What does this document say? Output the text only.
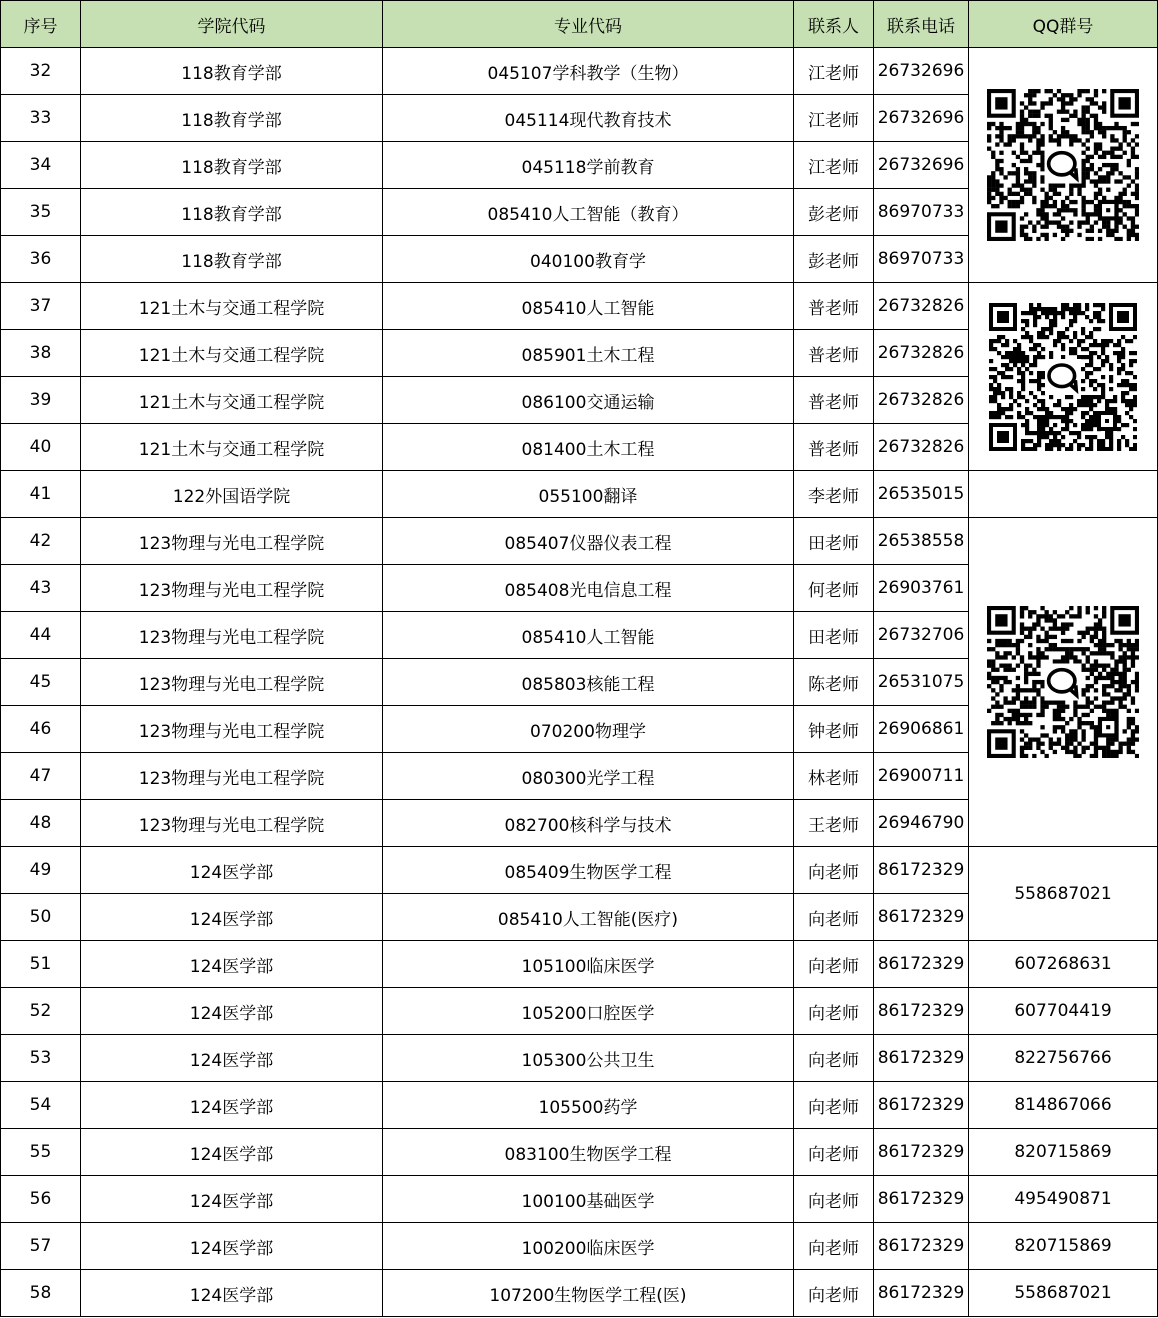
序号	学院代码	专业代码	联系人	联系电话	QQ群号
32	118教育学部	045107学科教学（生物）	江老师	26732696	

33	118教育学部	045114现代教育技术	江老师	26732696	
34	118教育学部	045118学前教育	江老师	26732696	
35	118教育学部	085410人工智能（教育）	彭老师	86970733	
36	118教育学部	040100教育学	彭老师	86970733	
37	121土木与交通工程学院	085410人工智能	普老师	26732826	

38	121土木与交通工程学院	085901土木工程	普老师	26732826	
39	121土木与交通工程学院	086100交通运输	普老师	26732826	
40	121土木与交通工程学院	081400土木工程	普老师	26732826	
41	122外国语学院	055100翻译	李老师	26535015	
42	123物理与光电工程学院	085407仪器仪表工程	田老师	26538558	

43	123物理与光电工程学院	085408光电信息工程	何老师	26903761	
44	123物理与光电工程学院	085410人工智能	田老师	26732706	
45	123物理与光电工程学院	085803核能工程	陈老师	26531075	
46	123物理与光电工程学院	070200物理学	钟老师	26906861	
47	123物理与光电工程学院	080300光学工程	林老师	26900711	
48	123物理与光电工程学院	082700核科学与技术	王老师	26946790	
49	124医学部	085409生物医学工程	向老师	86172329	558687021
50	124医学部	085410人工智能(医疗)	向老师	86172329	
51	124医学部	105100临床医学	向老师	86172329	607268631
52	124医学部	105200口腔医学	向老师	86172329	607704419
53	124医学部	105300公共卫生	向老师	86172329	822756766
54	124医学部	105500药学	向老师	86172329	814867066
55	124医学部	083100生物医学工程	向老师	86172329	820715869
56	124医学部	100100基础医学	向老师	86172329	495490871
57	124医学部	100200临床医学	向老师	86172329	820715869
58	124医学部	107200生物医学工程(医)	向老师	86172329	558687021
